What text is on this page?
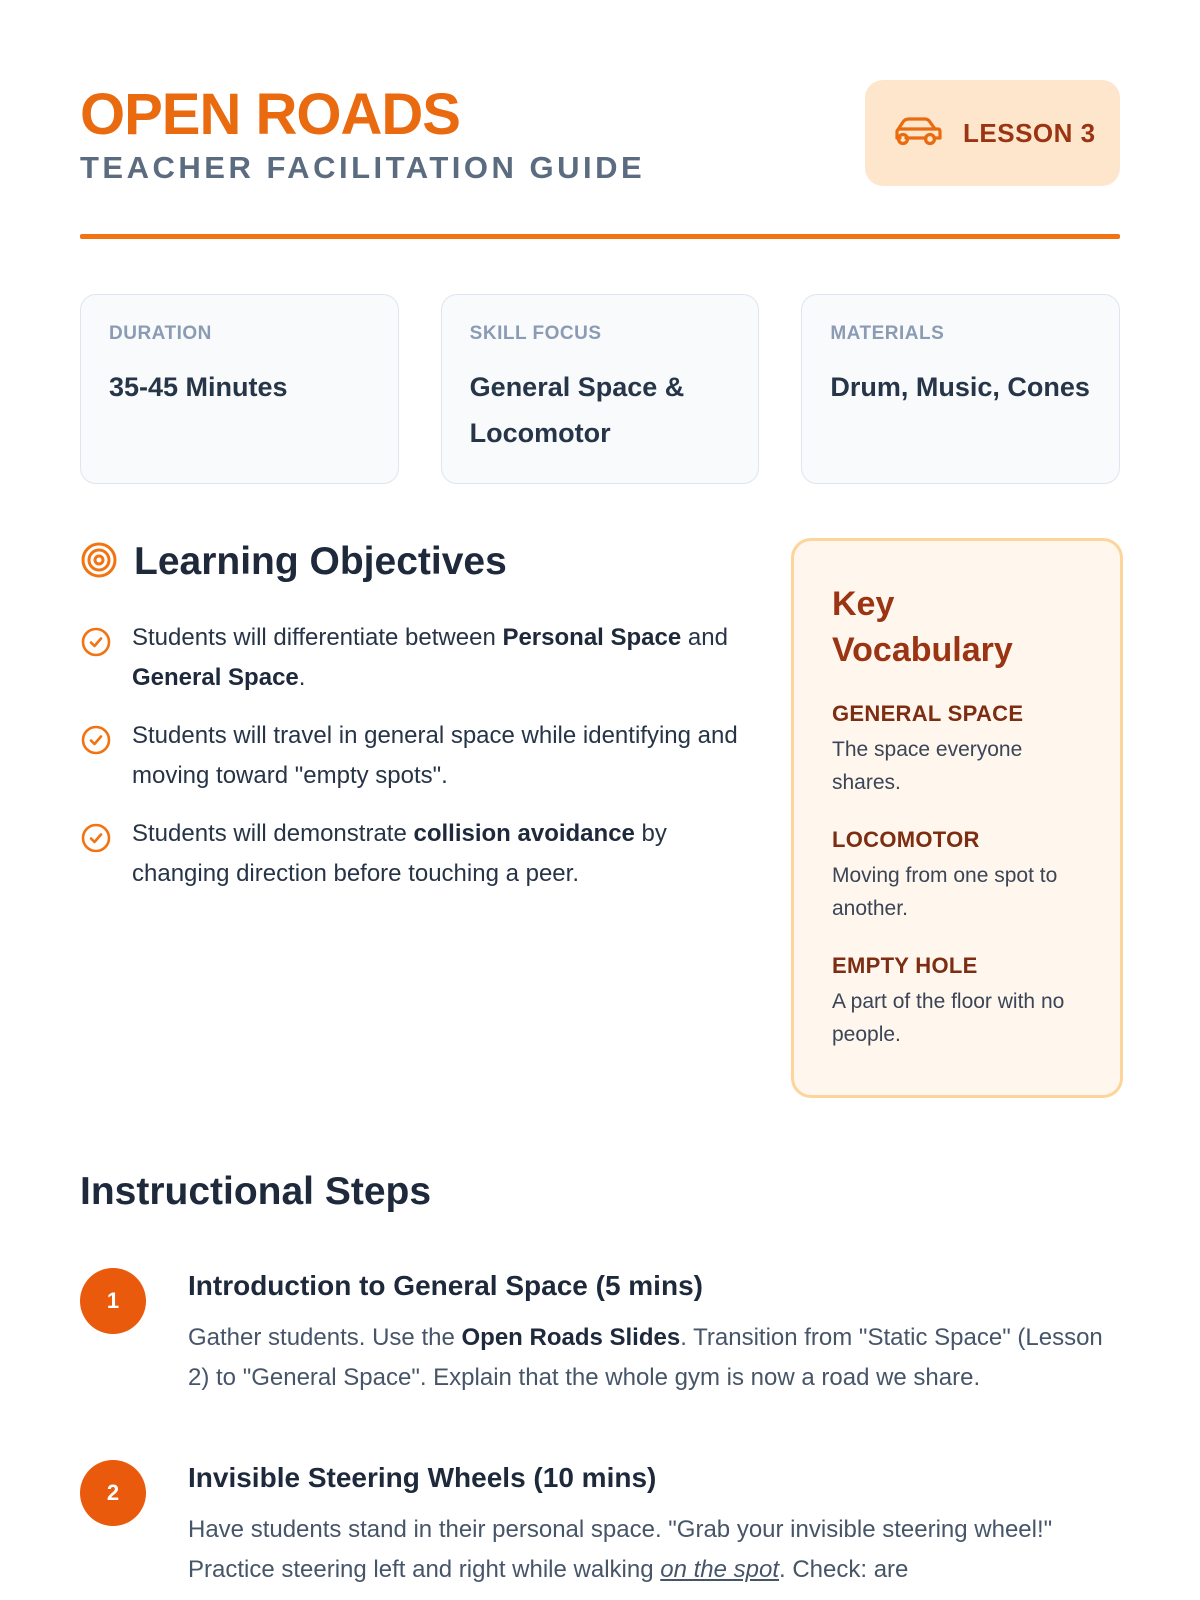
OPEN ROADS
TEACHER FACILITATION GUIDE
LESSON 3
DURATION
35-45 Minutes
SKILL FOCUS
General Space & Locomotor
MATERIALS
Drum, Music, Cones
Learning Objectives
Students will differentiate between Personal Space and General Space.
Students will travel in general space while identifying and moving toward "empty spots".
Students will demonstrate collision avoidance by changing direction before touching a peer.
Key Vocabulary
GENERAL SPACE
The space everyone shares.
LOCOMOTOR
Moving from one spot to another.
EMPTY HOLE
A part of the floor with no people.
Instructional Steps
1	Introduction to General Space (5 mins)
Gather students. Use the Open Roads Slides. Transition from "Static Space" (Lesson 2) to "General Space". Explain that the whole gym is now a road we share.
2	Invisible Steering Wheels (10 mins)
Have students stand in their personal space. "Grab your invisible steering wheel!" Practice steering left and right while walking on the spot. Check: are
